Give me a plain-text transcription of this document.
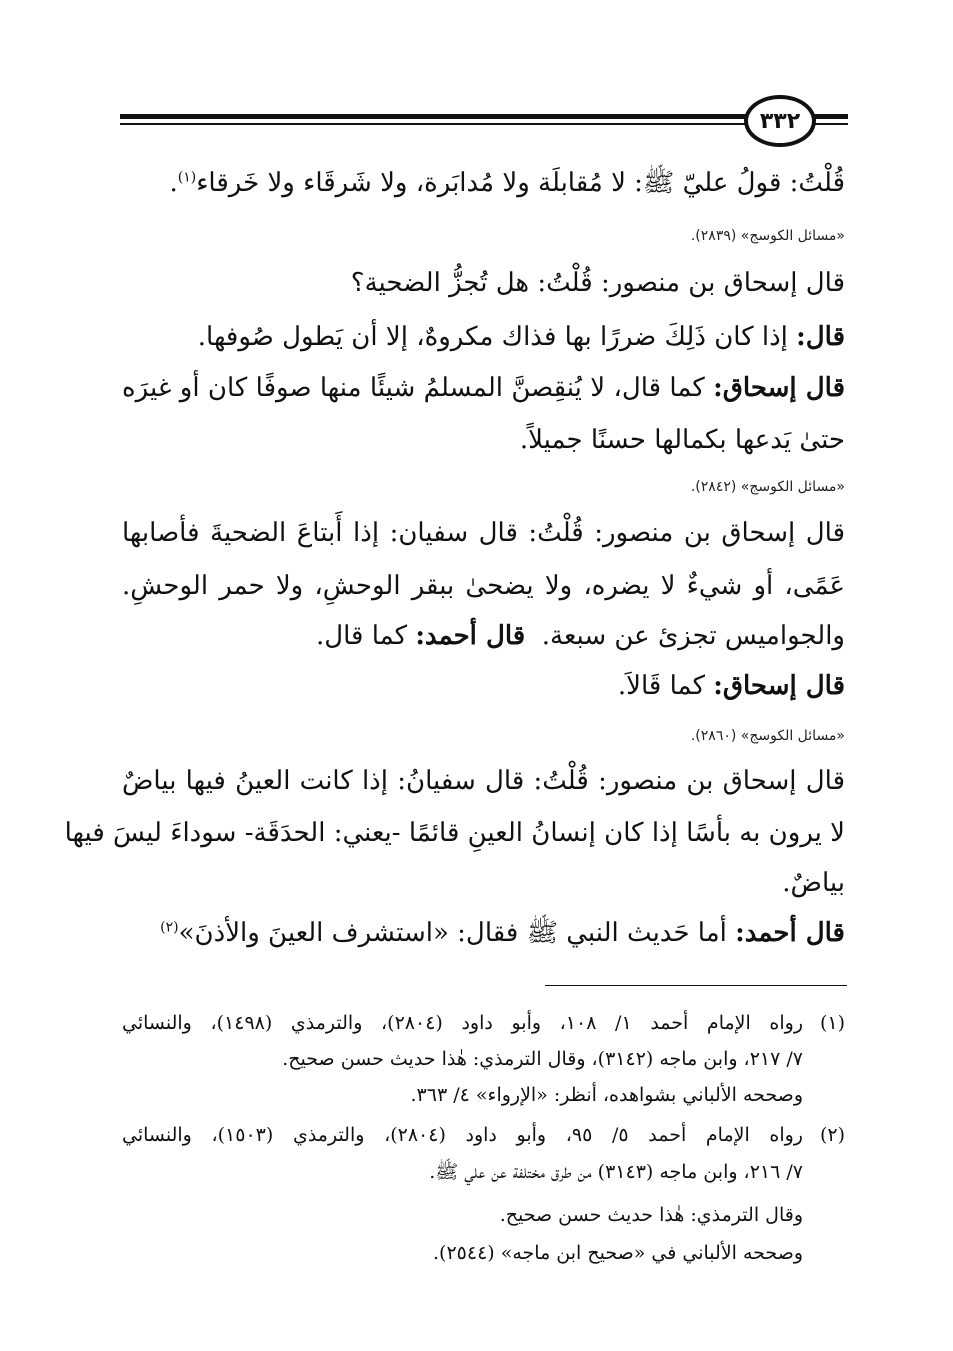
٣٣٢
قُلْتُ: قولُ عليّ ﷺ: لا مُقابلَة ولا مُدابَرة، ولا شَرقَاء ولا خَرقاء$^{(١)}$.
«مسائل الكوسج» (٢٨٣٩).
قال إسحاق بن منصور: قُلْتُ: هل تُجزُّ الضحية؟
قال: إذا كان ذَلِكَ ضررًا بها فذاك مكروهٌ، إلا أن يَطول صُوفها.
قال إسحاق: كما قال، لا يُنقِصنَّ المسلمُ شيئًا منها صوفًا كان أو غيرَه
حتىٰ يَدعها بكمالها حسنًا جميلاً.
«مسائل الكوسج» (٢٨٤٢).
قال إسحاق بن منصور: قُلْتُ: قال سفيان: إذا أَبتاعَ الضحيةَ فأصابها
عَمًى، أو شيءٌ لا يضره، ولا يضحىٰ ببقر الوحشِ، ولا حمر الوحشِ.
والجواميس تجزئ عن سبعة.  قال أحمد: كما قال.
قال إسحاق: كما قَالاَ.
«مسائل الكوسج» (٢٨٦٠).
قال إسحاق بن منصور: قُلْتُ: قال سفيانُ: إذا كانت العينُ فيها بياضٌ
لا يرون به بأسًا إذا كان إنسانُ العينِ قائمًا -يعني: الحدَقَة- سوداءَ ليسَ فيها
بياضٌ.
قال أحمد: أما حَديث النبي ﷺ فقال: «استشرف العينَ والأذنَ»$^{(٢)}$
(١)
رواه الإمام أحمد ١/ ١٠٨، وأبو داود (٢٨٠٤)، والترمذي (١٤٩٨)، والنسائي
٧/ ٢١٧، وابن ماجه (٣١٤٢)، وقال الترمذي: هٰذا حديث حسن صحيح.
وصححه الألباني بشواهده، أنظر: «الإرواء» ٤/ ٣٦٣.
(٢)
رواه الإمام أحمد ٥/ ٩٥، وأبو داود (٢٨٠٤)، والترمذي (١٥٠٣)، والنسائي
٧/ ٢١٦، وابن ماجه (٣١٤٣) من طرق مختلفة عن علي ﷺ.
وقال الترمذي: هٰذا حديث حسن صحيح.
وصححه الألباني في «صحيح ابن ماجه» (٢٥٤٤).
